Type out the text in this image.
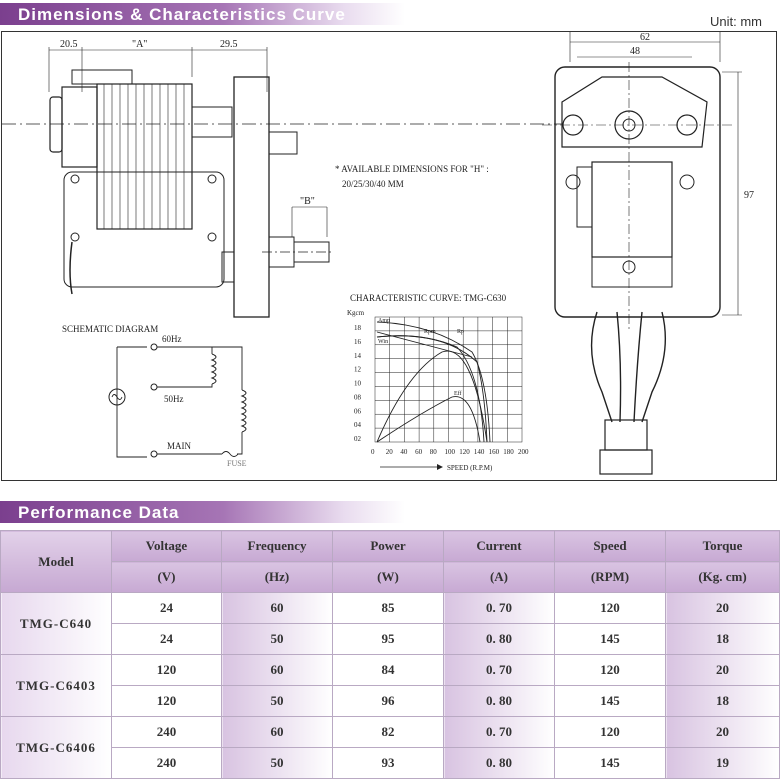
Dimensions & Characteristics Curve	Unit: mm
20.5	"A"	29.5
"B"
62
48
97
* AVAILABLE DIMENSIONS FOR "H" :
20/25/30/40 MM
SCHEMATIC DIAGRAM
60Hz
50Hz
MAIN
FUSE
CHARACTERISTIC CURVE: TMG-C630
Kgcm
18
16
14
12
10
08
06
04
02
0 20 40 60 80 100 120 140 160 180 200
Amp
Win
Rpm	Rp
Eff
SPEED (R.P.M)
Performance Data
Model	Voltage	Frequency	Power	Current	Speed	Torque
	(V)	(Hz)	(W)	(A)	(RPM)	(Kg. cm)
TMG-C640	24	60	85	0. 70	120	20
	24	50	95	0. 80	145	18
TMG-C6403	120	60	84	0. 70	120	20
	120	50	96	0. 80	145	18
TMG-C6406	240	60	82	0. 70	120	20
	240	50	93	0. 80	145	19
